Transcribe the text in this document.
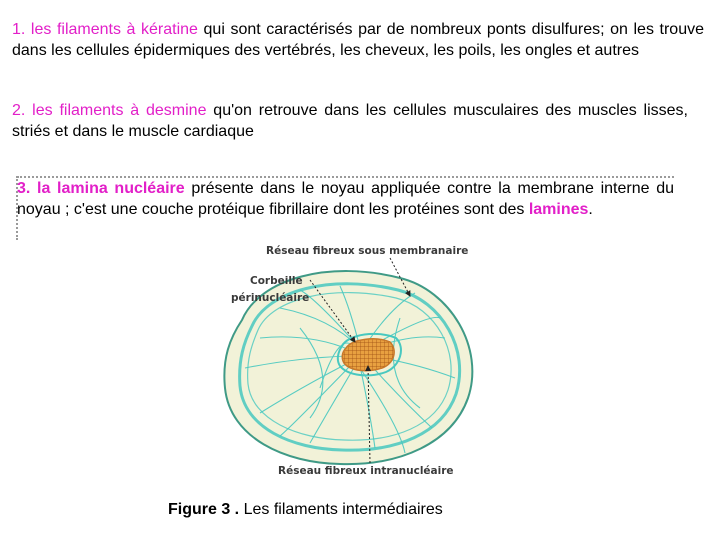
1. les filaments à kératine qui sont caractérisés par de nombreux ponts disulfures; on les trouve dans les cellules épidermiques des vertébrés, les cheveux, les poils, les ongles et autres
2. les filaments à desmine qu'on retrouve dans les cellules musculaires des muscles lisses, striés et dans le muscle cardiaque
3. la lamina nucléaire présente dans le noyau appliquée contre la membrane interne du noyau ; c'est une couche protéique fibrillaire dont les protéines sont des lamines.
Réseau fibreux sous membranaire
Corbeille
périnucléaire
Réseau fibreux intranucléaire
Figure 3 . Les filaments intermédiaires
